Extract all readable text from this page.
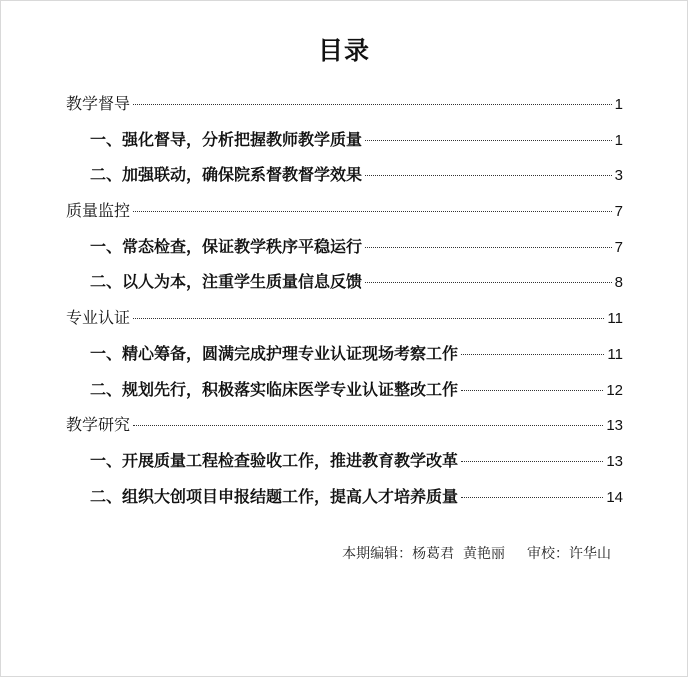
目录
教学督导	1
一、强化督导，分析把握教师教学质量	1
二、加强联动，确保院系督教督学效果	3
质量监控	7
一、常态检查，保证教学秩序平稳运行	7
二、以人为本，注重学生质量信息反馈	8
专业认证	11
一、精心筹备，圆满完成护理专业认证现场考察工作	11
二、规划先行，积极落实临床医学专业认证整改工作	12
教学研究	13
一、开展质量工程检查验收工作，推进教育教学改革	13
二、组织大创项目申报结题工作，提高人才培养质量	14
本期编辑：杨葛君  黄艳丽 审校：许华山
